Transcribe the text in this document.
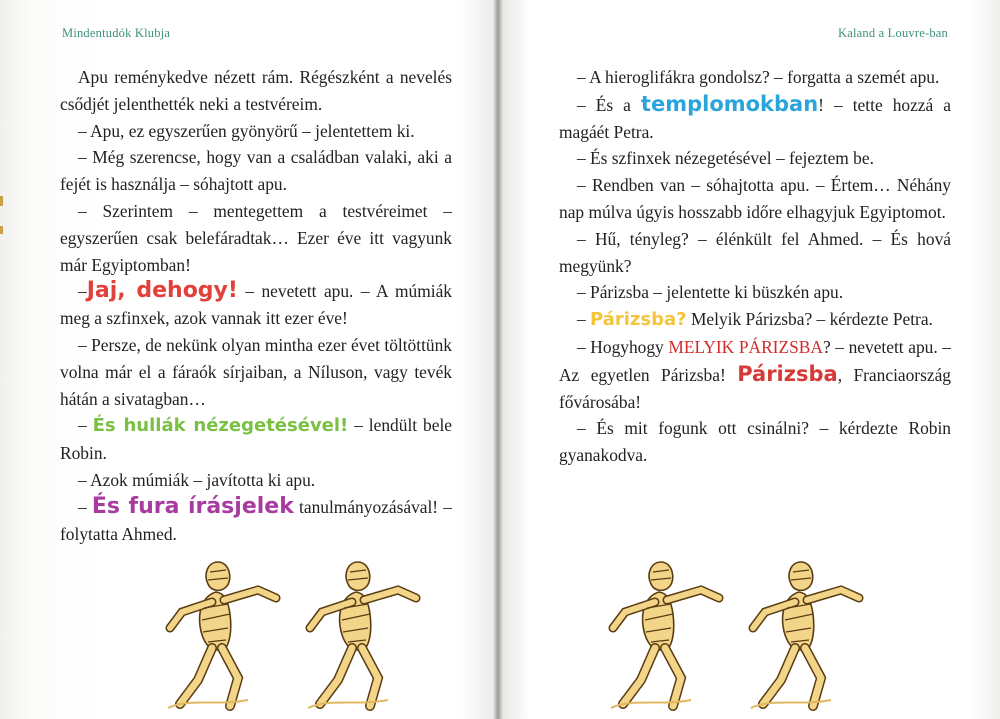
Mindentudók Klubja

Apu reménykedve nézett rám. Régészként a nevelés csődjét jelenthették neki a testvéreim.

– Apu, ez egyszerűen gyönyörű – jelentettem ki.

– Még szerencse, hogy van a családban valaki, aki a fejét is használja – sóhajtott apu.

– Szerintem – mentegettem a testvéreimet – egyszerűen csak belefáradtak… Ezer éve itt vagyunk már Egyiptomban!

–Jaj, dehogy! – nevetett apu. – A múmiák meg a szfinxek, azok vannak itt ezer éve!

– Persze, de nekünk olyan mintha ezer évet töltöttünk volna már el a fáraók sírjaiban, a Níluson, vagy tevék hátán a sivatagban…

– És hullák nézegetésével! – lendült bele Robin.

– Azok múmiák – javította ki apu.

– És fura írásjelek tanulmányozásával! – folytatta Ahmed.

Kaland a Louvre-ban

– A hieroglifákra gondolsz? – forgatta a szemét apu.

– És a templomokban! – tette hozzá a magáét Petra.

– És szfinxek nézegetésével – fejeztem be.

– Rendben van – sóhajtotta apu. – Értem… Néhány nap múlva úgyis hosszabb időre elhagyjuk Egyiptomot.

– Hű, tényleg? – élénkült fel Ahmed. – És hová megyünk?

– Párizsba – jelentette ki büszkén apu.

– Párizsba? Melyik Párizsba? – kérdezte Petra.

– Hogyhogy MELYIK PÁRIZSBA? – nevetett apu. – Az egyetlen Párizsba! Párizsba, Franciaország fővárosába!

– És mit fogunk ott csinálni? – kérdezte Robin gyanakodva.
